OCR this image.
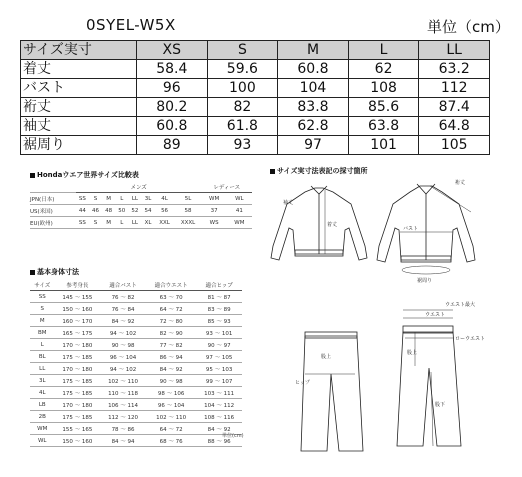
0SYEL-W5X	単位（cm）
サイズ実寸	XS	S	M	L	LL
着丈	58.4	59.6	60.8	62	63.2
バスト	96	100	104	108	112
裄丈	80.2	82	83.8	85.6	87.4
袖丈	60.8	61.8	62.8	63.8	64.8
裾周り	89	93	97	101	105
Hondaウエア世界サイズ比較表
	メンズ								レディース	
JPN(日本)	SS	S	M	L	LL	3L	4L	5L	WM	WL
US(米国)	44	46	48	50	52	54	56	58	37	41
EU(欧州)	SS	S	M	L	LL	XL	XXL	XXXL	WS	WM
基本身体寸法
サイズ	参考身長	適合バスト	適合ウエスト	適合ヒップ
SS	145 〜 155	76 〜 82	63 〜 70	81 〜 87
S	150 〜 160	76 〜 84	64 〜 72	83 〜 89
M	160 〜 170	84 〜 92	72 〜 80	85 〜 93
BM	165 〜 175	94 〜 102	82 〜 90	93 〜 101
L	170 〜 180	90 〜 98	77 〜 82	90 〜 97
BL	175 〜 185	96 〜 104	86 〜 94	97 〜 105
LL	170 〜 180	94 〜 102	84 〜 92	95 〜 103
3L	175 〜 185	102 〜 110	90 〜 98	99 〜 107
4L	175 〜 185	110 〜 118	98 〜 106	103 〜 111
LB	170 〜 180	106 〜 114	96 〜 104	104 〜 112
2B	175 〜 185	112 〜 120	102 〜 110	108 〜 116
WM	155 〜 165	78 〜 86	64 〜 72	84 〜 92
WL	150 〜 160	84 〜 94	68 〜 76	88 〜 96
単位(cm)
サイズ実寸法表記の採寸箇所
裄丈
袖丈
着丈
バスト
裾周り
ウエスト最大
ウエスト
ローウエスト
股上
ヒップ
股下
股上
